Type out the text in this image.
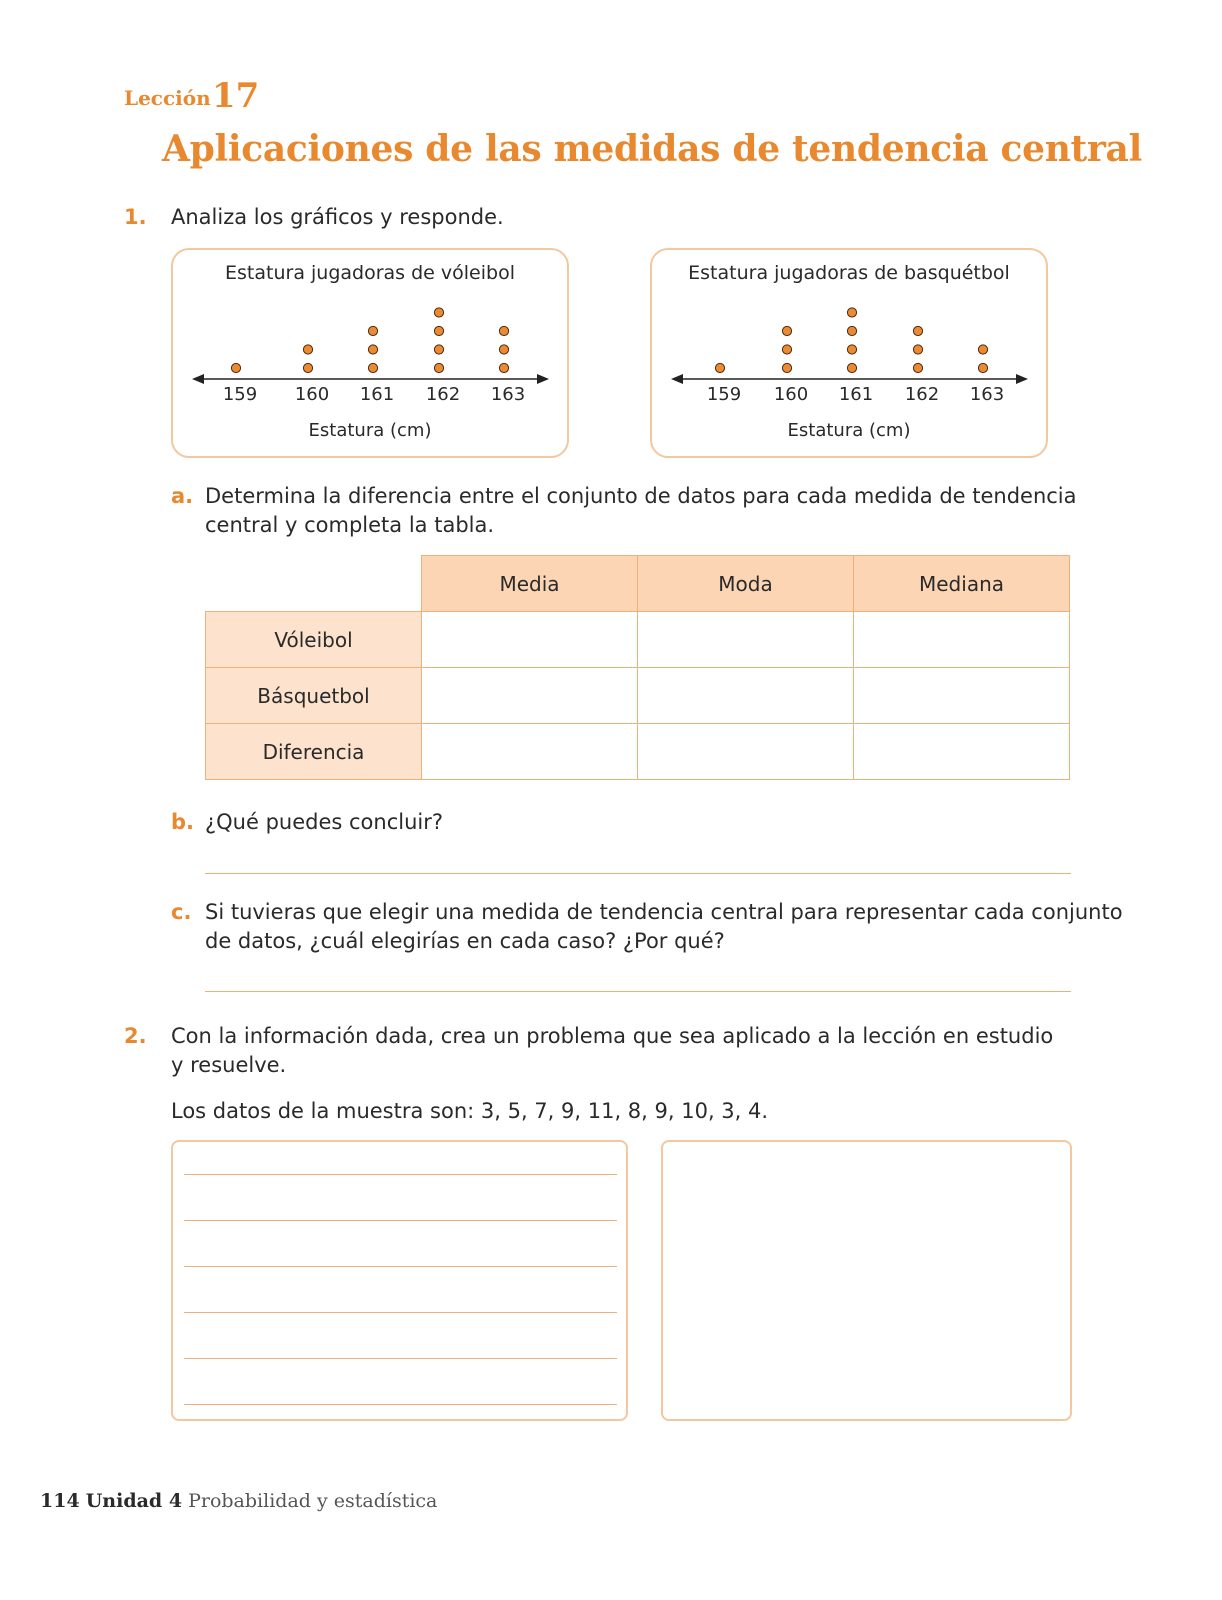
Lección 17
Aplicaciones de las medidas de tendencia central
1. Analiza los gráficos y responde.
Estatura jugadoras de vóleibol
159 160 161 162 163
Estatura (cm)
Estatura jugadoras de basquétbol
159 160 161 162 163
Estatura (cm)
a. Determina la diferencia entre el conjunto de datos para cada medida de tendencia
central y completa la tabla.
	Media	Moda	Mediana
Vóleibol			
Básquetbol			
Diferencia			
b. ¿Qué puedes concluir?
c. Si tuvieras que elegir una medida de tendencia central para representar cada conjunto
de datos, ¿cuál elegirías en cada caso? ¿Por qué?
2. Con la información dada, crea un problema que sea aplicado a la lección en estudio
y resuelve.
Los datos de la muestra son: 3, 5, 7, 9, 11, 8, 9, 10, 3, 4.
114 Unidad 4 Probabilidad y estadística
